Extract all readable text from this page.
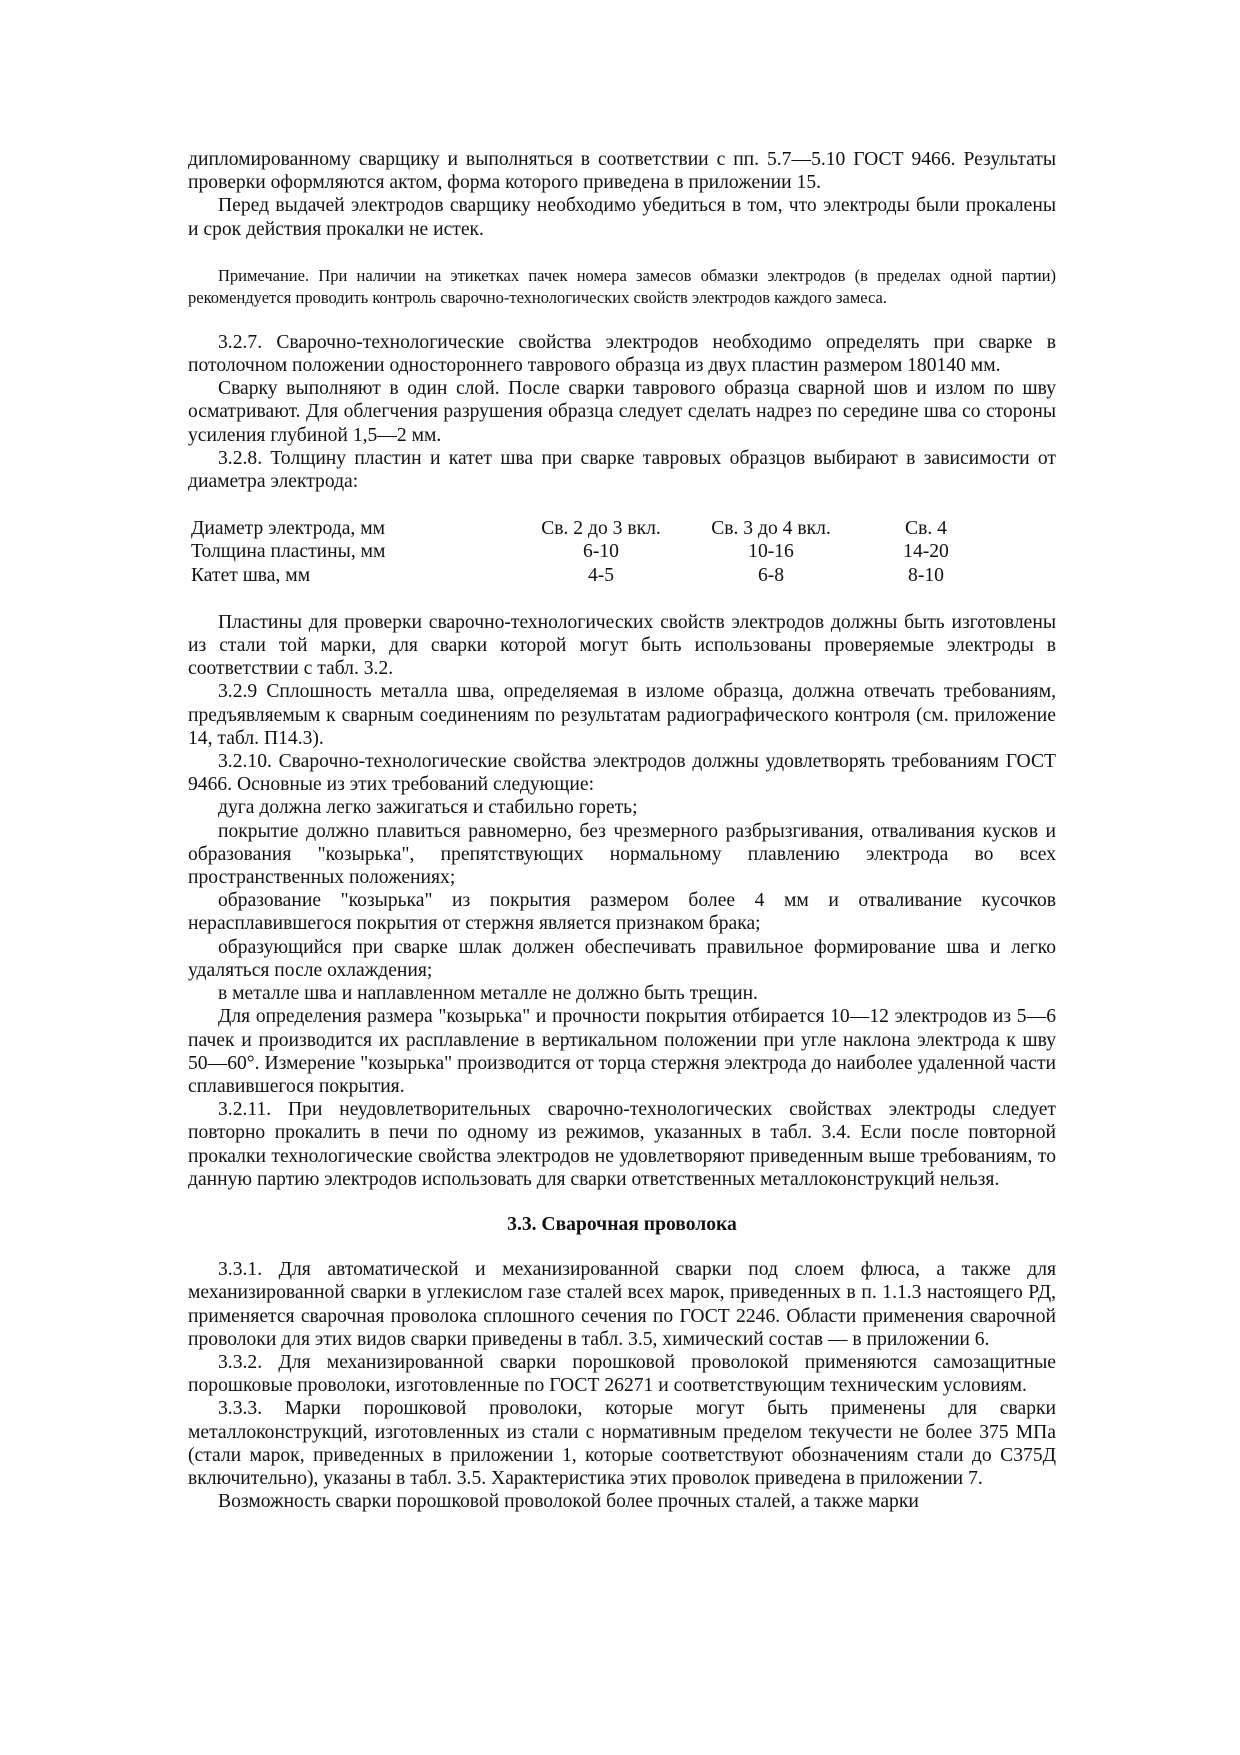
дипломированному сварщику и выполняться в соответствии с пп. 5.7—5.10 ГОСТ 9466. Результаты проверки оформляются актом, форма которого приведена в приложении 15.

Перед выдачей электродов сварщику необходимо убедиться в том, что электроды были прокалены и срок действия прокалки не истек.

Примечание. При наличии на этикетках пачек номера замесов обмазки электродов (в пределах одной партии) рекомендуется проводить контроль сварочно-технологических свойств электродов каждого замеса.

3.2.7. Сварочно-технологические свойства электродов необходимо определять при сварке в потолочном положении одностороннего таврового образца из двух пластин размером 180140 мм.

Сварку выполняют в один слой. После сварки таврового образца сварной шов и излом по шву осматривают. Для облегчения разрушения образца следует сделать надрез по середине шва со стороны усиления глубиной 1,5—2 мм.

3.2.8. Толщину пластин и катет шва при сварке тавровых образцов выбирают в зависимости от диаметра электрода:

Диаметр электрода, мм	Св. 2 до 3 вкл.	Св. 3 до 4 вкл.	Св. 4
Толщина пластины, мм	6-10	10-16	14-20
Катет шва, мм	4-5	6-8	8-10

Пластины для проверки сварочно-технологических свойств электродов должны быть изготовлены из стали той марки, для сварки которой могут быть использованы проверяемые электроды в соответствии с табл. 3.2.

3.2.9 Сплошность металла шва, определяемая в изломе образца, должна отвечать требованиям, предъявляемым к сварным соединениям по результатам радиографического контроля (см. приложение 14, табл. П14.3).

3.2.10. Сварочно-технологические свойства электродов должны удовлетворять требованиям ГОСТ 9466. Основные из этих требований следующие:

дуга должна легко зажигаться и стабильно гореть;

покрытие должно плавиться равномерно, без чрезмерного разбрызгивания, отваливания кусков и образования "козырька", препятствующих нормальному плавлению электрода во всех пространственных положениях;

образование "козырька" из покрытия размером более 4 мм и отваливание кусочков нерасплавившегося покрытия от стержня является признаком брака;

образующийся при сварке шлак должен обеспечивать правильное формирование шва и легко удаляться после охлаждения;

в металле шва и наплавленном металле не должно быть трещин.

Для определения размера "козырька" и прочности покрытия отбирается 10—12 электродов из 5—6 пачек и производится их расплавление в вертикальном положении при угле наклона электрода к шву 50—60°. Измерение "козырька" производится от торца стержня электрода до наиболее удаленной части сплавившегося покрытия.

3.2.11. При неудовлетворительных сварочно-технологических свойствах электроды следует повторно прокалить в печи по одному из режимов, указанных в табл. 3.4. Если после повторной прокалки технологические свойства электродов не удовлетворяют приведенным выше требованиям, то данную партию электродов использовать для сварки ответственных металлоконструкций нельзя.

3.3. Сварочная проволока

3.3.1. Для автоматической и механизированной сварки под слоем флюса, а также для механизированной сварки в углекислом газе сталей всех марок, приведенных в п. 1.1.3 настоящего РД, применяется сварочная проволока сплошного сечения по ГОСТ 2246. Области применения сварочной проволоки для этих видов сварки приведены в табл. 3.5, химический состав — в приложении 6.

3.3.2. Для механизированной сварки порошковой проволокой применяются самозащитные порошковые проволоки, изготовленные по ГОСТ 26271 и соответствующим техническим условиям.

3.3.3. Марки порошковой проволоки, которые могут быть применены для сварки металлоконструкций, изготовленных из стали с нормативным пределом текучести не более 375 МПа (стали марок, приведенных в приложении 1, которые соответствуют обозначениям стали до С375Д включительно), указаны в табл. 3.5. Характеристика этих проволок приведена в приложении 7.

Возможность сварки порошковой проволокой более прочных сталей, а также марки
